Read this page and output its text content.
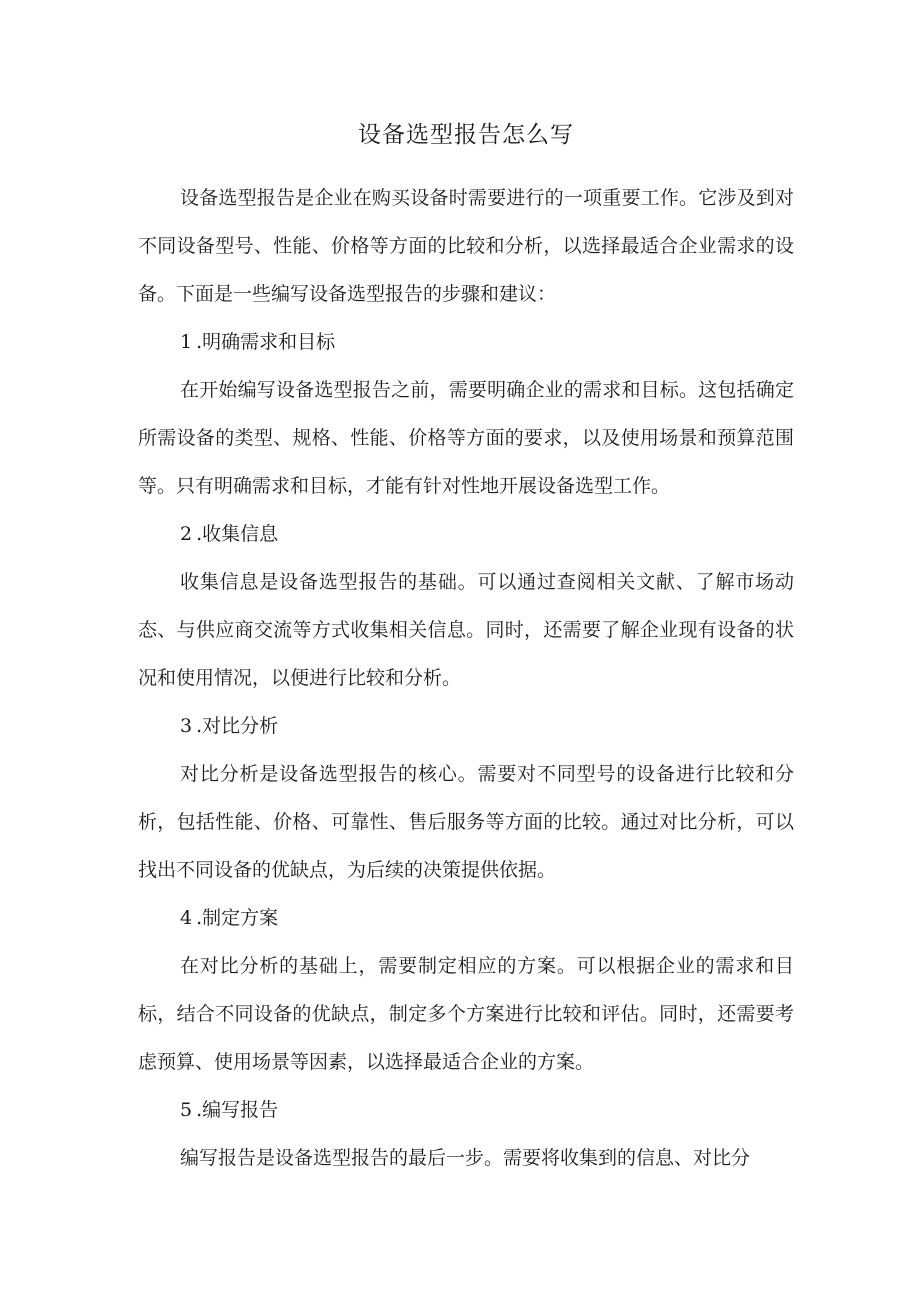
设备选型报告怎么写

设备选型报告是企业在购买设备时需要进行的一项重要工作。它涉及到对不同设备型号、性能、价格等方面的比较和分析，以选择最适合企业需求的设备。下面是一些编写设备选型报告的步骤和建议：

1 .明确需求和目标

在开始编写设备选型报告之前，需要明确企业的需求和目标。这包括确定所需设备的类型、规格、性能、价格等方面的要求，以及使用场景和预算范围等。只有明确需求和目标，才能有针对性地开展设备选型工作。

2 .收集信息

收集信息是设备选型报告的基础。可以通过查阅相关文献、了解市场动态、与供应商交流等方式收集相关信息。同时，还需要了解企业现有设备的状况和使用情况，以便进行比较和分析。

3 .对比分析

对比分析是设备选型报告的核心。需要对不同型号的设备进行比较和分析，包括性能、价格、可靠性、售后服务等方面的比较。通过对比分析，可以找出不同设备的优缺点，为后续的决策提供依据。

4 .制定方案

在对比分析的基础上，需要制定相应的方案。可以根据企业的需求和目标，结合不同设备的优缺点，制定多个方案进行比较和评估。同时，还需要考虑预算、使用场景等因素，以选择最适合企业的方案。

5 .编写报告

编写报告是设备选型报告的最后一步。需要将收集到的信息、对比分
